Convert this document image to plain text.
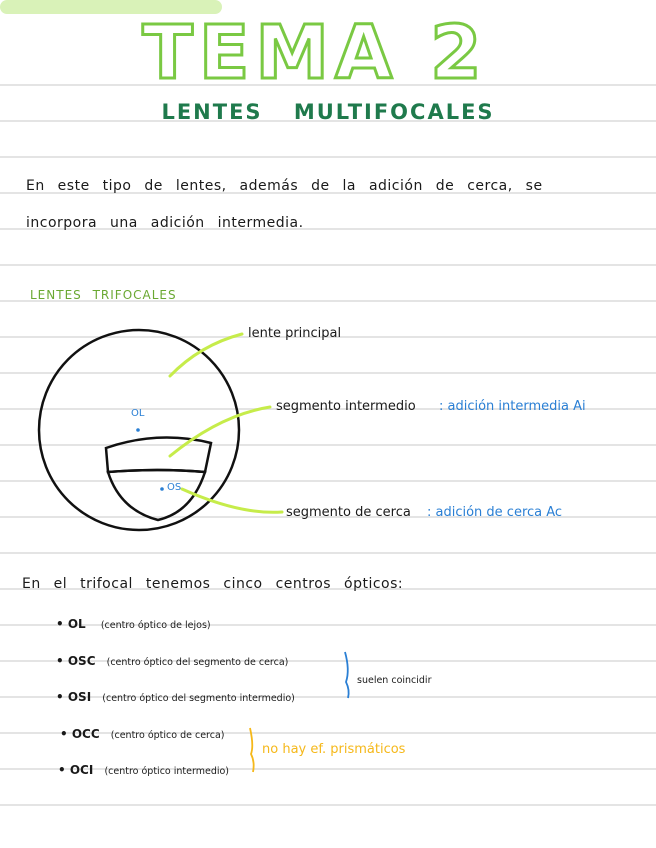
TEMA 2
LENTES MULTIFOCALES
En este tipo de lentes, además de la adición de cerca, se
incorpora una adición intermedia.
LENTES TRIFOCALES
OL
OS
lente principal
segmento intermedio : adición intermedia Ai
segmento de cerca : adición de cerca Ac
En el trifocal tenemos cinco centros ópticos:
• OL (centro óptico de lejos)
• OSC (centro óptico del segmento de cerca)
• OSI (centro óptico del segmento intermedio)
• OCC (centro óptico de cerca)
• OCI (centro óptico intermedio)
suelen coincidir
no hay ef. prismáticos
